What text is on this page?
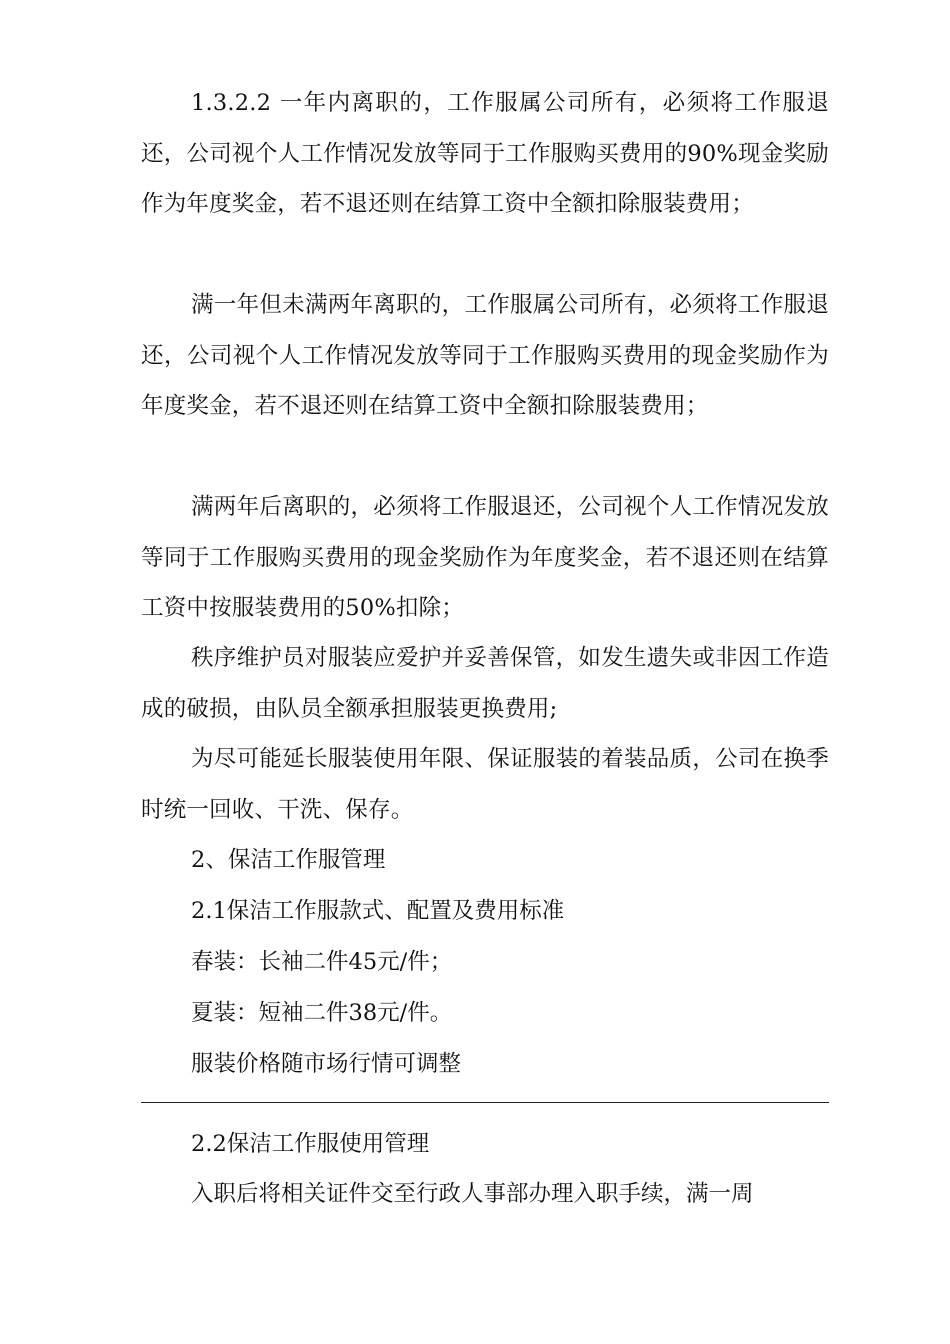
1.3.2.2 一年内离职的，工作服属公司所有，必须将工作服退还，公司视个人工作情况发放等同于工作服购买费用的90%现金奖励作为年度奖金，若不退还则在结算工资中全额扣除服装费用；

满一年但未满两年离职的，工作服属公司所有，必须将工作服退还，公司视个人工作情况发放等同于工作服购买费用的现金奖励作为年度奖金，若不退还则在结算工资中全额扣除服装费用；

满两年后离职的，必须将工作服退还，公司视个人工作情况发放等同于工作服购买费用的现金奖励作为年度奖金，若不退还则在结算工资中按服装费用的50%扣除；

秩序维护员对服装应爱护并妥善保管，如发生遗失或非因工作造成的破损，由队员全额承担服装更换费用;

为尽可能延长服装使用年限、保证服装的着装品质，公司在换季时统一回收、干洗、保存。

2、保洁工作服管理

2.1保洁工作服款式、配置及费用标准

春装：长袖二件45元/件；

夏装：短袖二件38元/件。

服装价格随市场行情可调整

2.2保洁工作服使用管理

入职后将相关证件交至行政人事部办理入职手续，满一周
